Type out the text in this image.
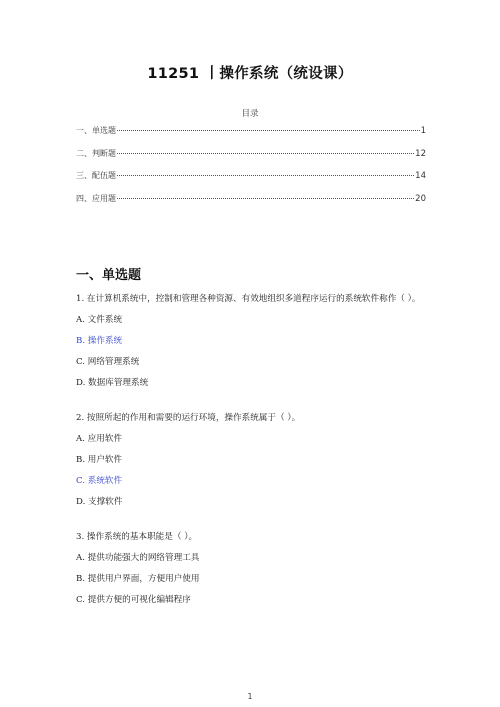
11251 丨操作系统（统设课）
目录
一、单选题	1
二、判断题	12
三、配伍题	14
四、应用题	20
一、单选题

1. 在计算机系统中，控制和管理各种资源、有效地组织多道程序运行的系统软件称作（ ）。

A. 文件系统

B. 操作系统

C. 网络管理系统

D. 数据库管理系统

2. 按照所起的作用和需要的运行环境，操作系统属于（ ）。

A. 应用软件

B. 用户软件

C. 系统软件

D. 支撑软件

3. 操作系统的基本职能是（ ）。

A. 提供功能强大的网络管理工具

B. 提供用户界面，方便用户使用

C. 提供方便的可视化编辑程序

1
